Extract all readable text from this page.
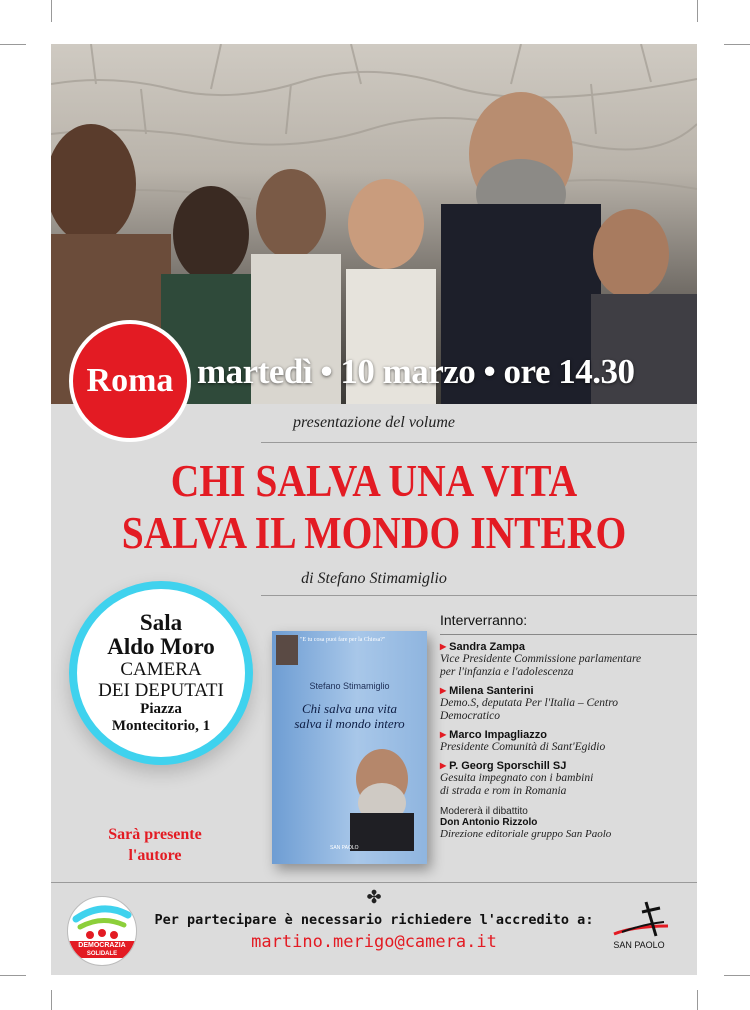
Roma martedì • 10 marzo • ore 14.30
presentazione del volume
CHI SALVA UNA VITA
SALVA IL MONDO INTERO
di Stefano Stimamiglio
Sala
Aldo Moro
CAMERA
DEI DEPUTATI
Piazza
Montecitorio, 1
Sarà presente
l'autore
"E tu cosa puoi fare per la Chiesa?"
Stefano Stimamiglio
Chi salva una vita
salva il mondo intero
SAN PAOLO
Interverranno:
▶ Sandra Zampa
Vice Presidente Commissione parlamentare
per l'infanzia e l'adolescenza
▶ Milena Santerini
Demo.S, deputata Per l'Italia – Centro
Democratico
▶ Marco Impagliazzo
Presidente Comunità di Sant'Egidio
▶ P. Georg Sporschill SJ
Gesuita impegnato con i bambini
di strada e rom in Romania
Modererà il dibattito
Don Antonio Rizzolo
Direzione editoriale gruppo San Paolo
✤
Per partecipare è necessario richiedere l'accredito a:
martino.merigo@camera.it
DEMOCRAZIA
SOLIDALE
SAN PAOLO
